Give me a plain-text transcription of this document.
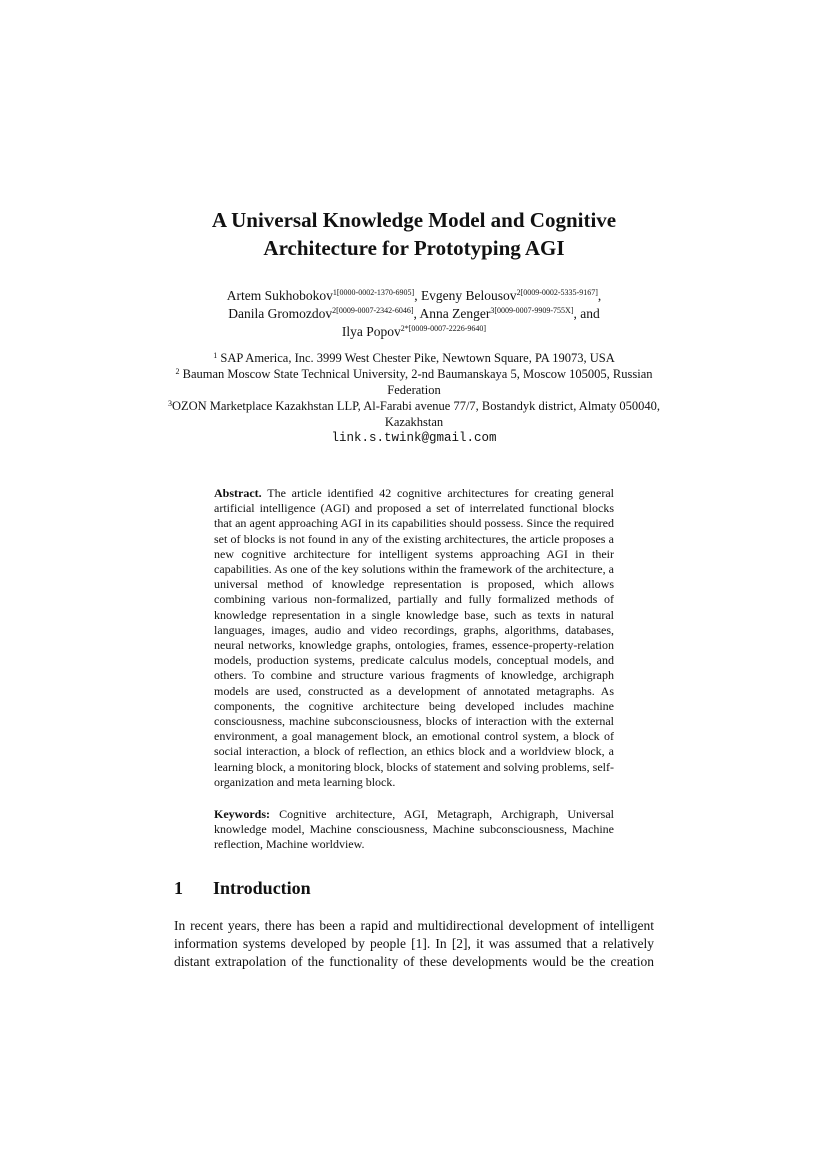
A Universal Knowledge Model and Cognitive
Architecture for Prototyping AGI
Artem Sukhobokov$^{1[0000-0002-1370-6905]}$, Evgeny Belousov$^{2[0009-0002-5335-9167]}$,
Danila Gromozdov$^{2[0009-0007-2342-6046]}$, Anna Zenger$^{3[0009-0007-9909-755X]}$, and
Ilya Popov$^{2*[0009-0007-2226-9640]}$
$^1$ SAP America, Inc. 3999 West Chester Pike, Newtown Square, PA 19073, USA
$^2$ Bauman Moscow State Technical University, 2-nd Baumanskaya 5, Moscow 105005, Russian Federation
$^3$OZON Marketplace Kazakhstan LLP, Al-Farabi avenue 77/7, Bostandyk district, Almaty 050040, Kazakhstan
link.s.twink@gmail.com
Abstract. The article identified 42 cognitive architectures for creating general artificial intelligence (AGI) and proposed a set of interrelated functional blocks that an agent approaching AGI in its capabilities should possess. Since the required set of blocks is not found in any of the existing architectures, the article proposes a new cognitive architecture for intelligent systems approaching AGI in their capabilities. As one of the key solutions within the framework of the architecture, a universal method of knowledge representation is proposed, which allows combining various non-formalized, partially and fully formalized methods of knowledge representation in a single knowledge base, such as texts in natural languages, images, audio and video recordings, graphs, algorithms, databases, neural networks, knowledge graphs, ontologies, frames, essence-property-relation models, production systems, predicate calculus models, conceptual models, and others. To combine and structure various fragments of knowledge, archigraph models are used, constructed as a development of annotated metagraphs. As components, the cognitive architecture being developed includes machine consciousness, machine subconsciousness, blocks of interaction with the external environment, a goal management block, an emotional control system, a block of social interaction, a block of reflection, an ethics block and a worldview block, a learning block, a monitoring block, blocks of statement and solving problems, self-organization and meta learning block.
Keywords: Cognitive architecture, AGI, Metagraph, Archigraph, Universal knowledge model, Machine consciousness, Machine subconsciousness, Machine reflection, Machine worldview.
1 Introduction
In recent years, there has been a rapid and multidirectional development of intelligent
information systems developed by people [1]. In [2], it was assumed that a relatively
distant extrapolation of the functionality of these developments would be the creation
